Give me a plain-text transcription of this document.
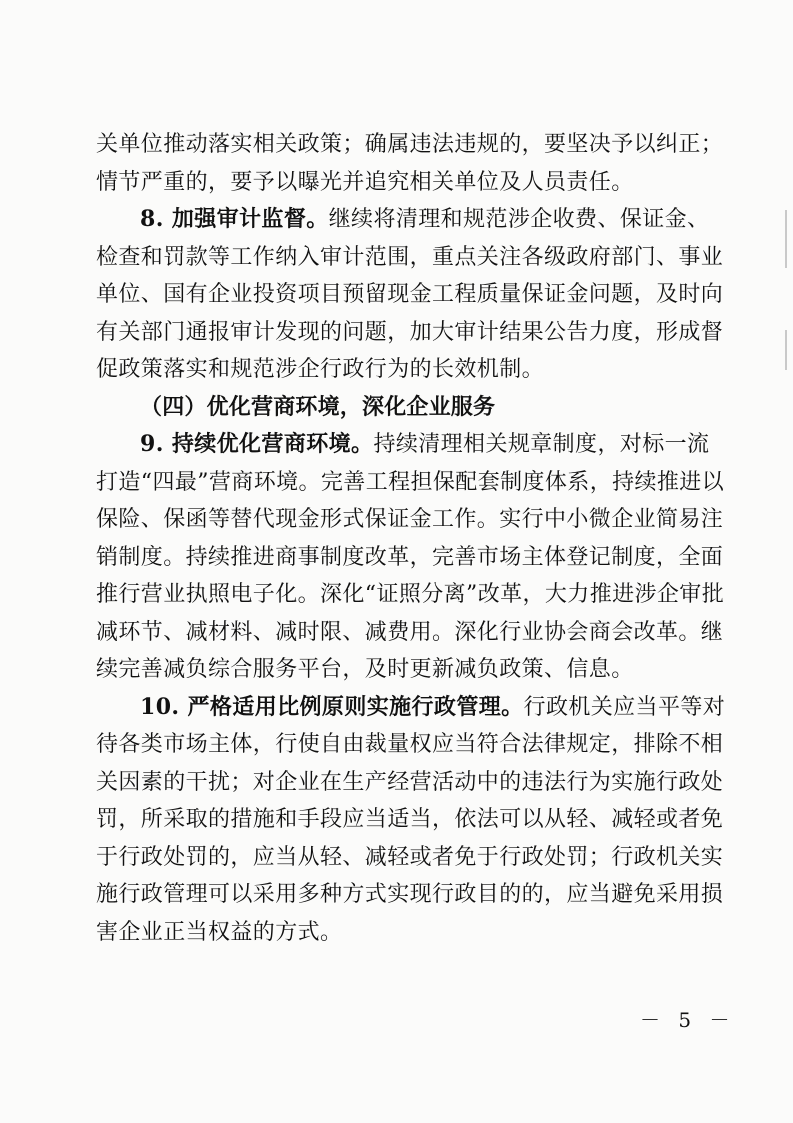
关单位推动落实相关政策；确属违法违规的，要坚决予以纠正；
情节严重的，要予以曝光并追究相关单位及人员责任。
8. 加强审计监督。继续将清理和规范涉企收费、保证金、
检查和罚款等工作纳入审计范围，重点关注各级政府部门、事业
单位、国有企业投资项目预留现金工程质量保证金问题，及时向
有关部门通报审计发现的问题，加大审计结果公告力度，形成督
促政策落实和规范涉企行政行为的长效机制。
（四）优化营商环境，深化企业服务
9. 持续优化营商环境。持续清理相关规章制度，对标一流
打造“四最”营商环境。完善工程担保配套制度体系，持续推进以
保险、保函等替代现金形式保证金工作。实行中小微企业简易注
销制度。持续推进商事制度改革，完善市场主体登记制度，全面
推行营业执照电子化。深化“证照分离”改革，大力推进涉企审批
减环节、减材料、减时限、减费用。深化行业协会商会改革。继
续完善减负综合服务平台，及时更新减负政策、信息。
10. 严格适用比例原则实施行政管理。行政机关应当平等对
待各类市场主体，行使自由裁量权应当符合法律规定，排除不相
关因素的干扰；对企业在生产经营活动中的违法行为实施行政处
罚，所采取的措施和手段应当适当，依法可以从轻、减轻或者免
于行政处罚的，应当从轻、减轻或者免于行政处罚；行政机关实
施行政管理可以采用多种方式实现行政目的的，应当避免采用损
害企业正当权益的方式。
－ 5 －
